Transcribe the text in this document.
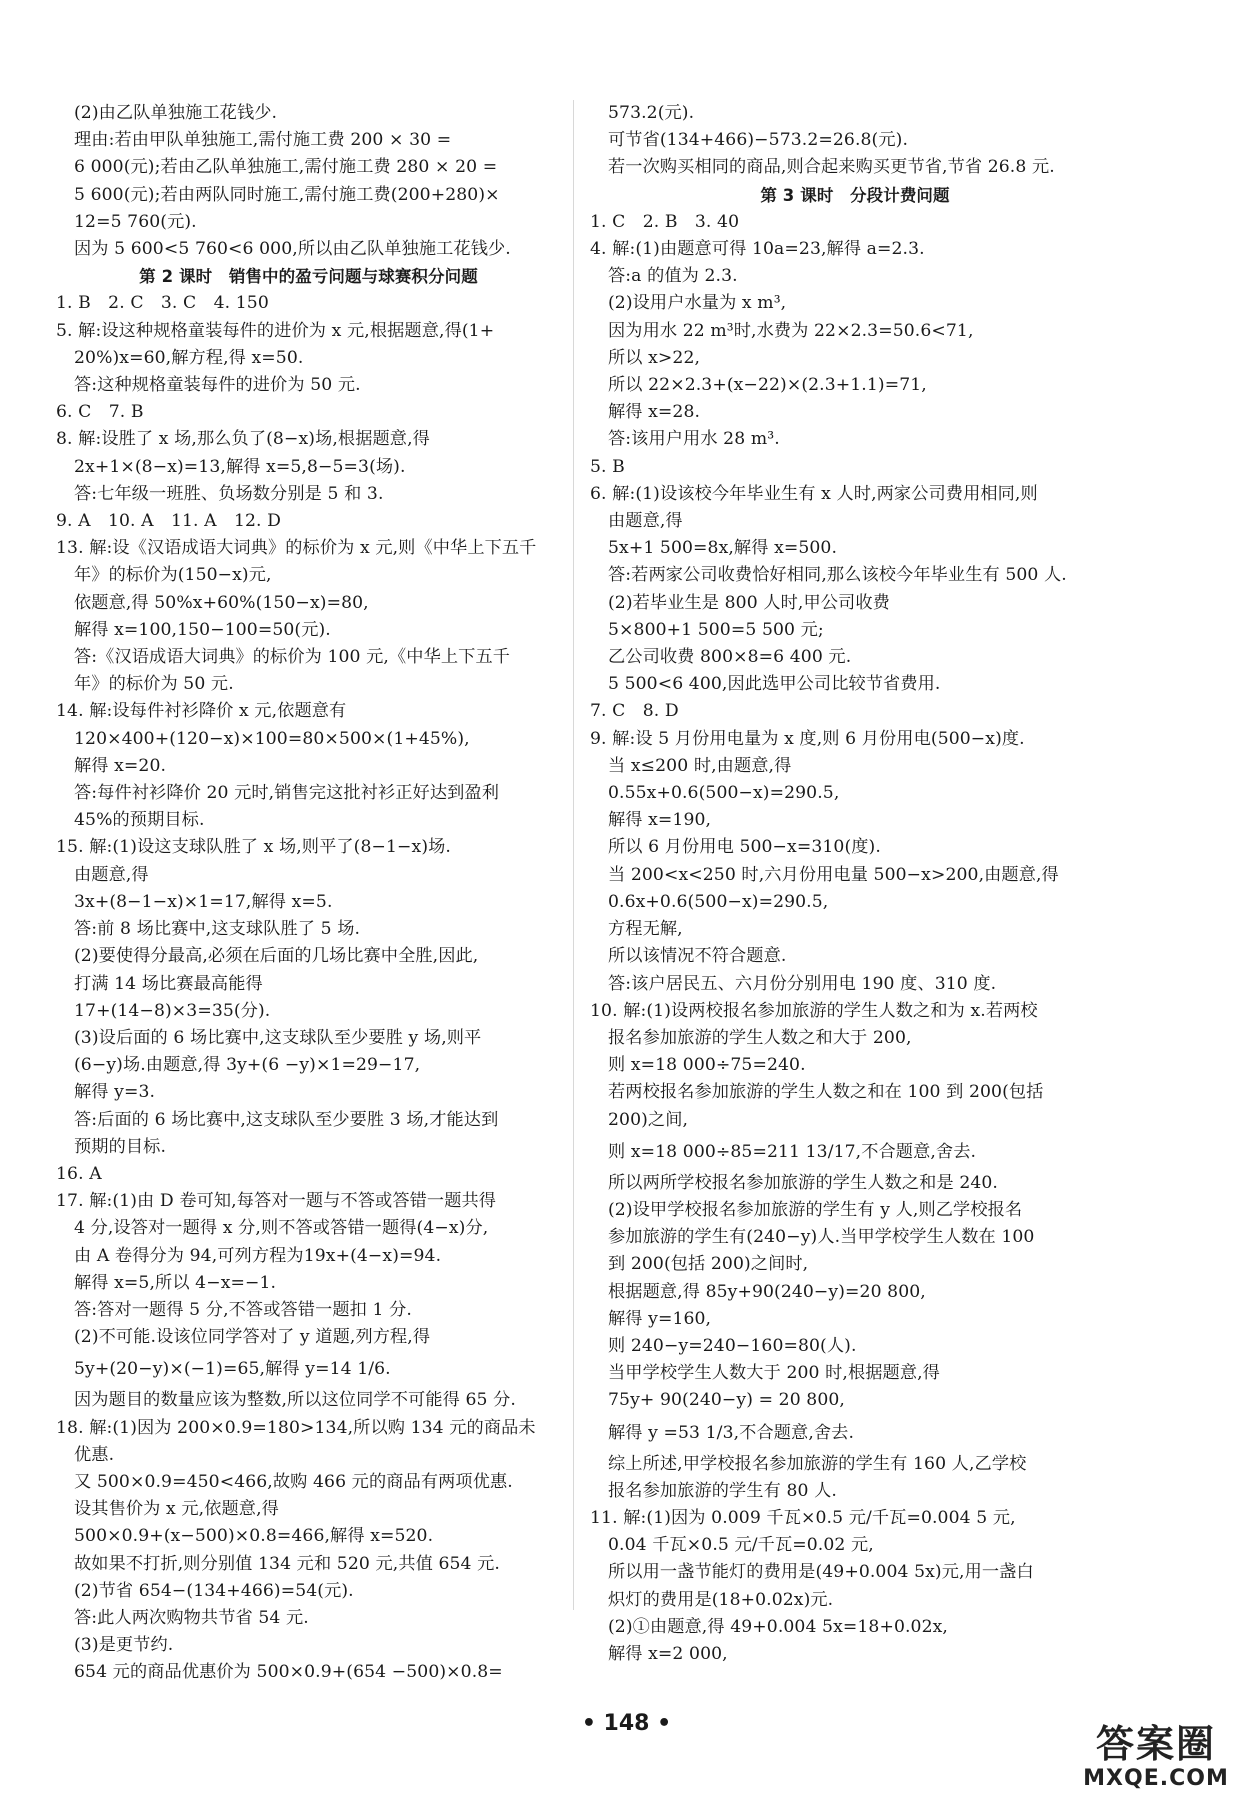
(2)由乙队单独施工花钱少.
理由:若由甲队单独施工,需付施工费 200 × 30 =
6 000(元);若由乙队单独施工,需付施工费 280 × 20 =
5 600(元);若由两队同时施工,需付施工费(200+280)×
12=5 760(元).
因为 5 600<5 760<6 000,所以由乙队单独施工花钱少.
第 2 课时　销售中的盈亏问题与球赛积分问题
1. B　2. C　3. C　4. 150
5. 解:设这种规格童装每件的进价为 x 元,根据题意,得(1+
20%)x=60,解方程,得 x=50.
答:这种规格童装每件的进价为 50 元.
6. C　7. B
8. 解:设胜了 x 场,那么负了(8−x)场,根据题意,得
2x+1×(8−x)=13,解得 x=5,8−5=3(场).
答:七年级一班胜、负场数分别是 5 和 3.
9. A　10. A　11. A　12. D
13. 解:设《汉语成语大词典》的标价为 x 元,则《中华上下五千
年》的标价为(150−x)元,
依题意,得 50%x+60%(150−x)=80,
解得 x=100,150−100=50(元).
答:《汉语成语大词典》的标价为 100 元,《中华上下五千
年》的标价为 50 元.
14. 解:设每件衬衫降价 x 元,依题意有
120×400+(120−x)×100=80×500×(1+45%),
解得 x=20.
答:每件衬衫降价 20 元时,销售完这批衬衫正好达到盈利
45%的预期目标.
15. 解:(1)设这支球队胜了 x 场,则平了(8−1−x)场.
由题意,得
3x+(8−1−x)×1=17,解得 x=5.
答:前 8 场比赛中,这支球队胜了 5 场.
(2)要使得分最高,必须在后面的几场比赛中全胜,因此,
打满 14 场比赛最高能得
17+(14−8)×3=35(分).
(3)设后面的 6 场比赛中,这支球队至少要胜 y 场,则平
(6−y)场.由题意,得 3y+(6 −y)×1=29−17,
解得 y=3.
答:后面的 6 场比赛中,这支球队至少要胜 3 场,才能达到
预期的目标.
16. A
17. 解:(1)由 D 卷可知,每答对一题与不答或答错一题共得
4 分,设答对一题得 x 分,则不答或答错一题得(4−x)分,
由 A 卷得分为 94,可列方程为19x+(4−x)=94.
解得 x=5,所以 4−x=−1.
答:答对一题得 5 分,不答或答错一题扣 1 分.
(2)不可能.设该位同学答对了 y 道题,列方程,得
5y+(20−y)×(−1)=65,解得 y=14 1/6.
因为题目的数量应该为整数,所以这位同学不可能得 65 分.
18. 解:(1)因为 200×0.9=180>134,所以购 134 元的商品未
优惠.
又 500×0.9=450<466,故购 466 元的商品有两项优惠.
设其售价为 x 元,依题意,得
500×0.9+(x−500)×0.8=466,解得 x=520.
故如果不打折,则分别值 134 元和 520 元,共值 654 元.
(2)节省 654−(134+466)=54(元).
答:此人两次购物共节省 54 元.
(3)是更节约.
654 元的商品优惠价为 500×0.9+(654 −500)×0.8=
573.2(元).
可节省(134+466)−573.2=26.8(元).
若一次购买相同的商品,则合起来购买更节省,节省 26.8 元.
第 3 课时　分段计费问题
1. C　2. B　3. 40
4. 解:(1)由题意可得 10a=23,解得 a=2.3.
答:a 的值为 2.3.
(2)设用户水量为 x m³,
因为用水 22 m³时,水费为 22×2.3=50.6<71,
所以 x>22,
所以 22×2.3+(x−22)×(2.3+1.1)=71,
解得 x=28.
答:该用户用水 28 m³.
5. B
6. 解:(1)设该校今年毕业生有 x 人时,两家公司费用相同,则
由题意,得
5x+1 500=8x,解得 x=500.
答:若两家公司收费恰好相同,那么该校今年毕业生有 500 人.
(2)若毕业生是 800 人时,甲公司收费
5×800+1 500=5 500 元;
乙公司收费 800×8=6 400 元.
5 500<6 400,因此选甲公司比较节省费用.
7. C　8. D
9. 解:设 5 月份用电量为 x 度,则 6 月份用电(500−x)度.
当 x≤200 时,由题意,得
0.55x+0.6(500−x)=290.5,
解得 x=190,
所以 6 月份用电 500−x=310(度).
当 200<x<250 时,六月份用电量 500−x>200,由题意,得
0.6x+0.6(500−x)=290.5,
方程无解,
所以该情况不符合题意.
答:该户居民五、六月份分别用电 190 度、310 度.
10. 解:(1)设两校报名参加旅游的学生人数之和为 x.若两校
报名参加旅游的学生人数之和大于 200,
则 x=18 000÷75=240.
若两校报名参加旅游的学生人数之和在 100 到 200(包括
200)之间,
则 x=18 000÷85=211 13/17,不合题意,舍去.
所以两所学校报名参加旅游的学生人数之和是 240.
(2)设甲学校报名参加旅游的学生有 y 人,则乙学校报名
参加旅游的学生有(240−y)人.当甲学校学生人数在 100
到 200(包括 200)之间时,
根据题意,得 85y+90(240−y)=20 800,
解得 y=160,
则 240−y=240−160=80(人).
当甲学校学生人数大于 200 时,根据题意,得
75y+ 90(240−y) = 20 800,
解得 y =53 1/3,不合题意,舍去.
综上所述,甲学校报名参加旅游的学生有 160 人,乙学校
报名参加旅游的学生有 80 人.
11. 解:(1)因为 0.009 千瓦×0.5 元/千瓦=0.004 5 元,
0.04 千瓦×0.5 元/千瓦=0.02 元,
所以用一盏节能灯的费用是(49+0.004 5x)元,用一盏白
炽灯的费用是(18+0.02x)元.
(2)①由题意,得 49+0.004 5x=18+0.02x,
解得 x=2 000,
• 148 •	答案圈
MXQE.COM
